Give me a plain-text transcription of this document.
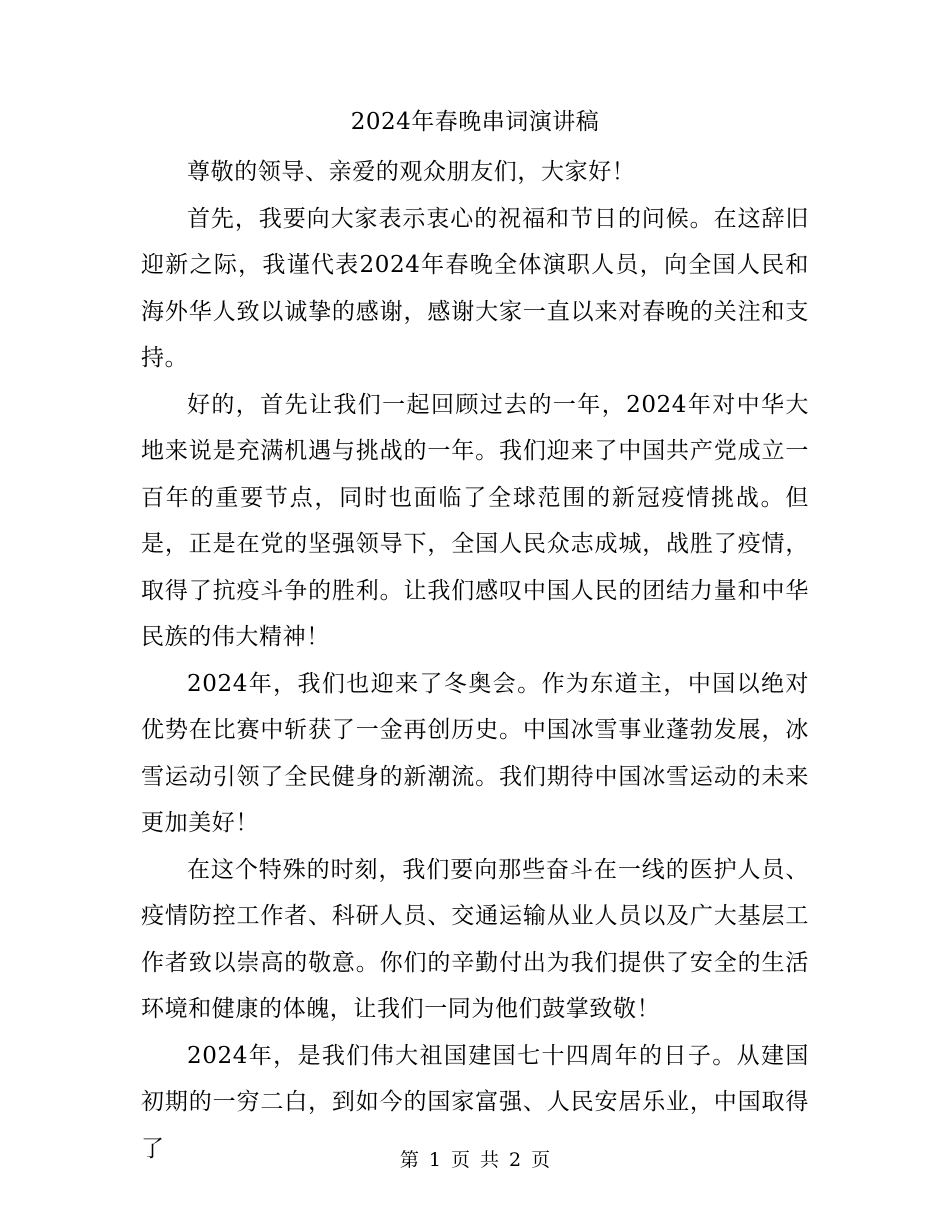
2024年春晚串词演讲稿

尊敬的领导、亲爱的观众朋友们，大家好！

首先，我要向大家表示衷心的祝福和节日的问候。在这辞旧迎新之际，我谨代表2024年春晚全体演职人员，向全国人民和海外华人致以诚挚的感谢，感谢大家一直以来对春晚的关注和支持。

好的，首先让我们一起回顾过去的一年，2024年对中华大地来说是充满机遇与挑战的一年。我们迎来了中国共产党成立一百年的重要节点，同时也面临了全球范围的新冠疫情挑战。但是，正是在党的坚强领导下，全国人民众志成城，战胜了疫情，取得了抗疫斗争的胜利。让我们感叹中国人民的团结力量和中华民族的伟大精神！

2024年，我们也迎来了冬奥会。作为东道主，中国以绝对优势在比赛中斩获了一金再创历史。中国冰雪事业蓬勃发展，冰雪运动引领了全民健身的新潮流。我们期待中国冰雪运动的未来更加美好！

在这个特殊的时刻，我们要向那些奋斗在一线的医护人员、疫情防控工作者、科研人员、交通运输从业人员以及广大基层工作者致以崇高的敬意。你们的辛勤付出为我们提供了安全的生活环境和健康的体魄，让我们一同为他们鼓掌致敬！

2024年，是我们伟大祖国建国七十四周年的日子。从建国初期的一穷二白，到如今的国家富强、人民安居乐业，中国取得了	第 1 页 共 2 页
